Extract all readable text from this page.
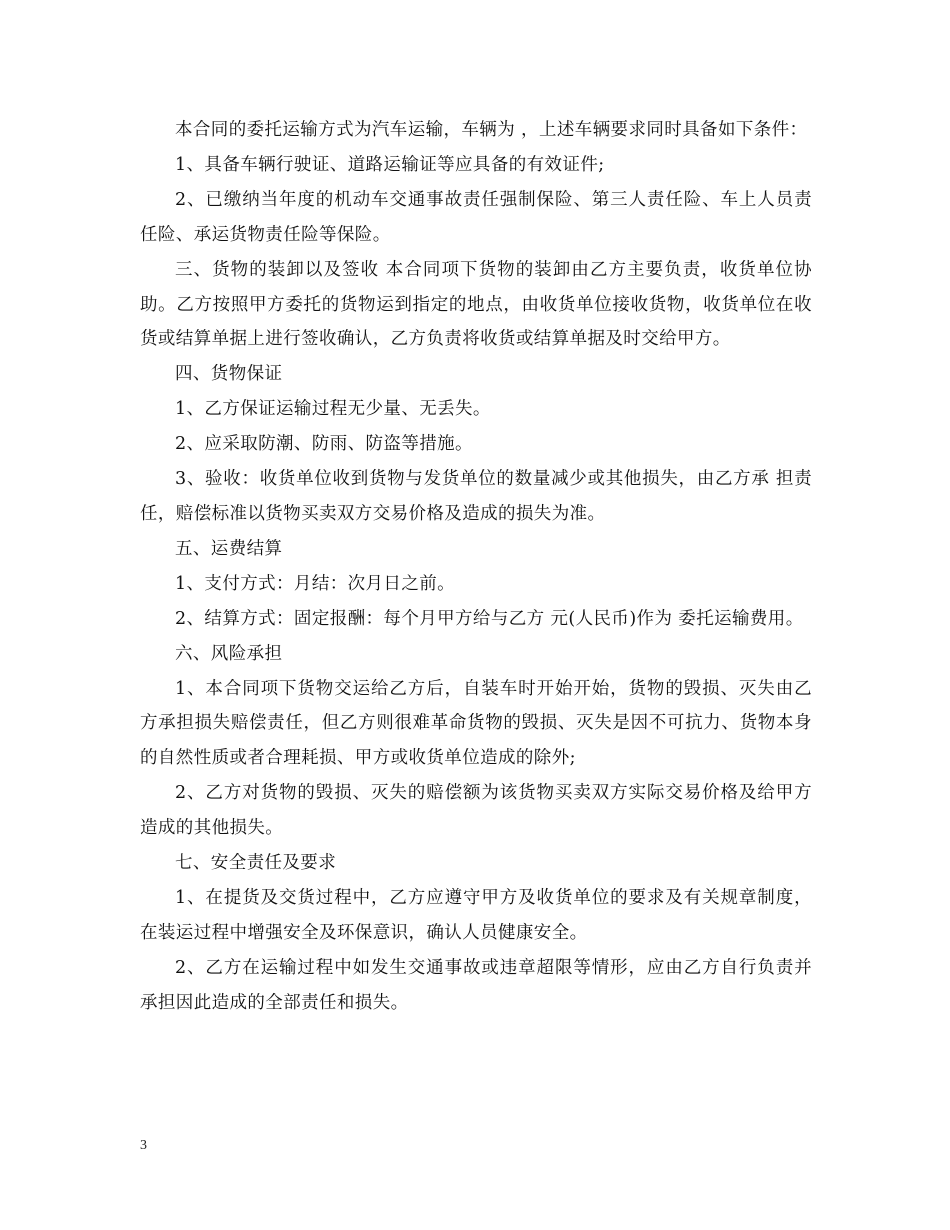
本合同的委托运输方式为汽车运输，车辆为 ，上述车辆要求同时具备如下条件：

1、具备车辆行驶证、道路运输证等应具备的有效证件;

2、已缴纳当年度的机动车交通事故责任强制保险、第三人责任险、车上人员责任险、承运货物责任险等保险。

三、货物的装卸以及签收 本合同项下货物的装卸由乙方主要负责，收货单位协助。乙方按照甲方委托的货物运到指定的地点，由收货单位接收货物，收货单位在收货或结算单据上进行签收确认，乙方负责将收货或结算单据及时交给甲方。

四、货物保证

1、乙方保证运输过程无少量、无丢失。

2、应采取防潮、防雨、防盗等措施。

3、验收：收货单位收到货物与发货单位的数量减少或其他损失，由乙方承 担责任，赔偿标准以货物买卖双方交易价格及造成的损失为准。

五、运费结算

1、支付方式：月结：次月日之前。

2、结算方式：固定报酬：每个月甲方给与乙方 元(人民币)作为 委托运输费用。

六、风险承担

1、本合同项下货物交运给乙方后，自装车时开始开始，货物的毁损、灭失由乙方承担损失赔偿责任，但乙方则很难革命货物的毁损、灭失是因不可抗力、货物本身的自然性质或者合理耗损、甲方或收货单位造成的除外;

2、乙方对货物的毁损、灭失的赔偿额为该货物买卖双方实际交易价格及给甲方造成的其他损失。

七、安全责任及要求

1、在提货及交货过程中，乙方应遵守甲方及收货单位的要求及有关规章制度，在装运过程中增强安全及环保意识，确认人员健康安全。

2、乙方在运输过程中如发生交通事故或违章超限等情形，应由乙方自行负责并承担因此造成的全部责任和损失。

3
